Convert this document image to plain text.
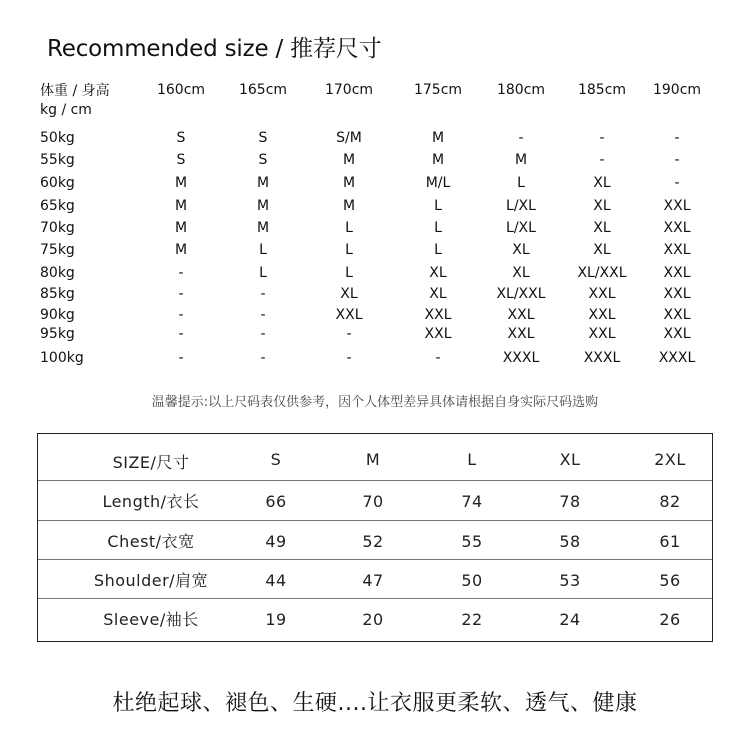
Recommended size / 推荐尺寸
体重 / 身高
kg / cm
160cm 165cm	170cm	175cm 180cm 185cm 190cm
50kg	S	S	S/M	M	-	-	-
55kg	S	S	M	M	M	-	-
60kg	M	M	M	M/L	L	XL	-
65kg	M	M	M	L	L/XL	XL	XXL
70kg	M	M	L	L	L/XL	XL	XXL
75kg	M	L	L	L	XL	XL	XXL
80kg	-	L	L	XL	XL	XL/XXL	XXL
85kg	-	-	XL	XL	XL/XXL	XXL	XXL
90kg	-	-	XXL	XXL	XXL	XXL	XXL
95kg	-	-	-	XXL	XXL	XXL	XXL
100kg	-	-	-	-	XXXL	XXXL	XXXL
温馨提示:以上尺码表仅供参考，因个人体型差异具体请根据自身实际尺码选购
SIZE/尺寸	S	M	L	XL	2XL
Length/衣长	66	70	74	78	82
Chest/衣宽	49	52	55	58	61
Shoulder/肩宽	44	47	50	53	56
Sleeve/袖长	19	20	22	24	26
杜绝起球、褪色、生硬....让衣服更柔软、透气、健康
